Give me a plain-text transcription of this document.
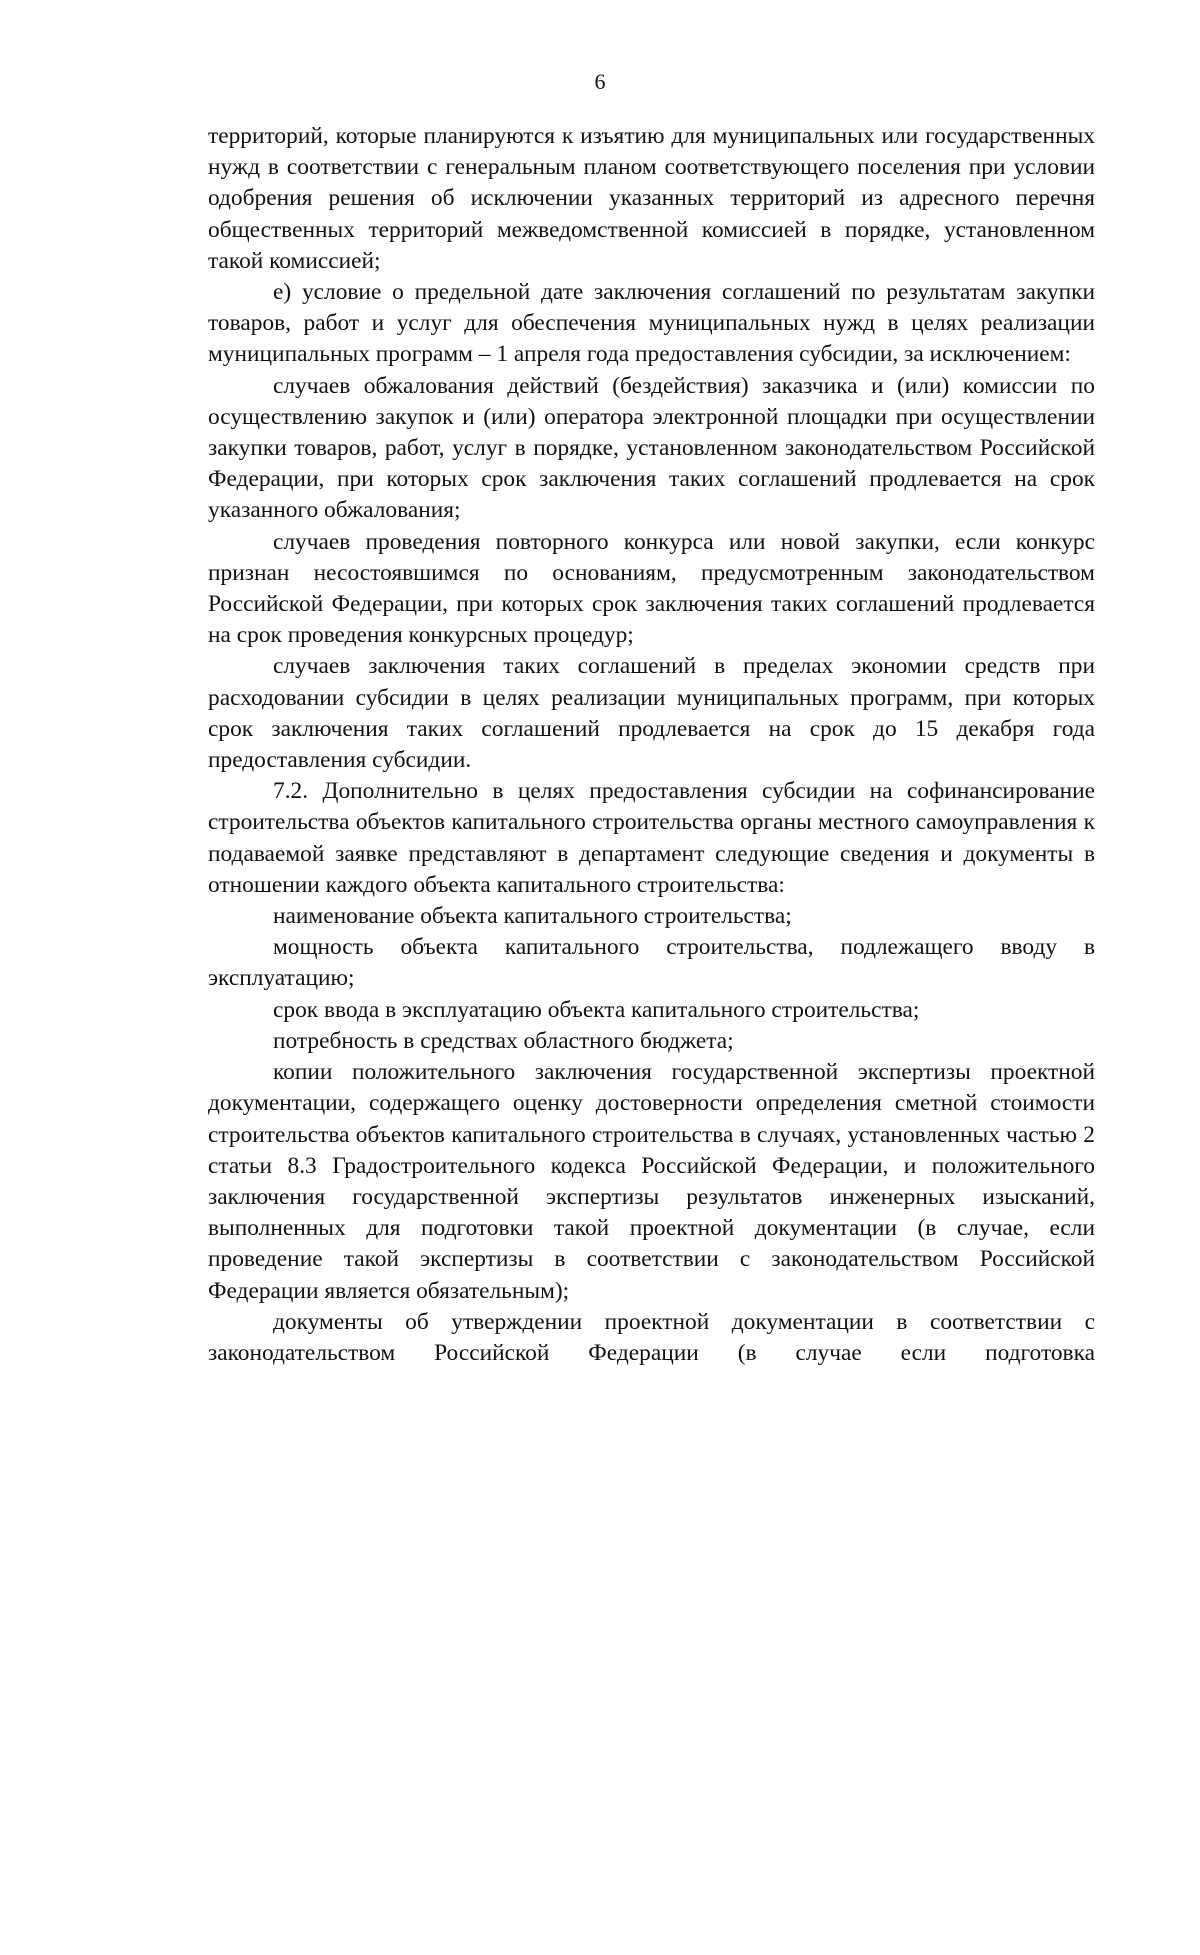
6

территорий, которые планируются к изъятию для муниципальных или государственных нужд в соответствии с генеральным планом соответствующего поселения при условии одобрения решения об исключении указанных территорий из адресного перечня общественных территорий межведомственной комиссией в порядке, установленном такой комиссией;

е) условие о предельной дате заключения соглашений по результатам закупки товаров, работ и услуг для обеспечения муниципальных нужд в целях реализации муниципальных программ – 1 апреля года предоставления субсидии, за исключением:

случаев обжалования действий (бездействия) заказчика и (или) комиссии по осуществлению закупок и (или) оператора электронной площадки при осуществлении закупки товаров, работ, услуг в порядке, установленном законодательством Российской Федерации, при которых срок заключения таких соглашений продлевается на срок указанного обжалования;

случаев проведения повторного конкурса или новой закупки, если конкурс признан несостоявшимся по основаниям, предусмотренным законодательством Российской Федерации, при которых срок заключения таких соглашений продлевается на срок проведения конкурсных процедур;

случаев заключения таких соглашений в пределах экономии средств при расходовании субсидии в целях реализации муниципальных программ, при которых срок заключения таких соглашений продлевается на срок до 15 декабря года предоставления субсидии.

7.2. Дополнительно в целях предоставления субсидии на софинансирование строительства объектов капитального строительства органы местного самоуправления к подаваемой заявке представляют в департамент следующие сведения и документы в отношении каждого объекта капитального строительства:

наименование объекта капитального строительства;

мощность объекта капитального строительства, подлежащего вводу в эксплуатацию;

срок ввода в эксплуатацию объекта капитального строительства;

потребность в средствах областного бюджета;

копии положительного заключения государственной экспертизы проектной документации, содержащего оценку достоверности определения сметной стоимости строительства объектов капитального строительства в случаях, установленных частью 2 статьи 8.3 Градостроительного кодекса Российской Федерации, и положительного заключения государственной экспертизы результатов инженерных изысканий, выполненных для подготовки такой проектной документации (в случае, если проведение такой экспертизы в соответствии с законодательством Российской Федерации является обязательным);

документы об утверждении проектной документации в соответствии с законодательством Российской Федерации (в случае если подготовка
